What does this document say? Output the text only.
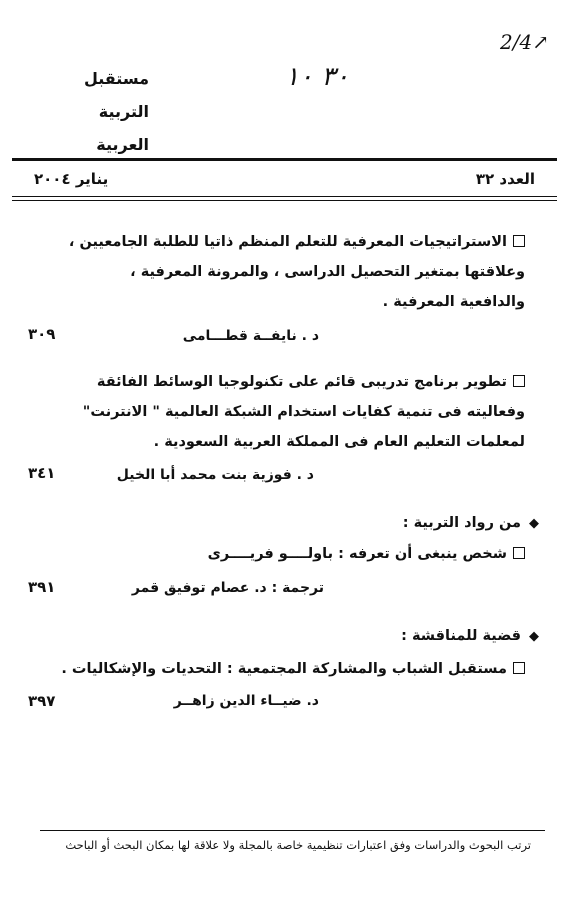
2/4↗
٣٠ ١٠
مستقبل
التربية
العربية
العدد ٣٢
يناير ٢٠٠٤
الاستراتيجيات المعرفية للتعلم المنظم ذاتيا للطلبة الجامعيين ،
وعلاقتها بمتغير التحصيل الدراسى ، والمرونة المعرفية ،
والدافعية المعرفية .
د . نايفــة قطـــامى
٣٠٩
تطوير برنامج تدريبى قائم على تكنولوجيا الوسائط الفائقة
وفعاليته فى تنمية كفايات استخدام الشبكة العالمية " الانترنت"
لمعلمات التعليم العام فى المملكة العربية السعودية .
د . فوزية بنت محمد أبا الخيل
٣٤١
◆من رواد التربية :
شخص ينبغى أن تعرفه : باولــــو فريــــرى
ترجمة : د. عصام توفيق قمر
٣٩١
◆قضية للمناقشة :
مستقبل الشباب والمشاركة المجتمعية : التحديات والإشكاليات .
د. ضيــاء الدين زاهــر
٣٩٧
ترتب البحوث والدراسات وفق اعتبارات تنظيمية خاصة بالمجلة ولا علاقة لها بمكان البحث أو الباحث
